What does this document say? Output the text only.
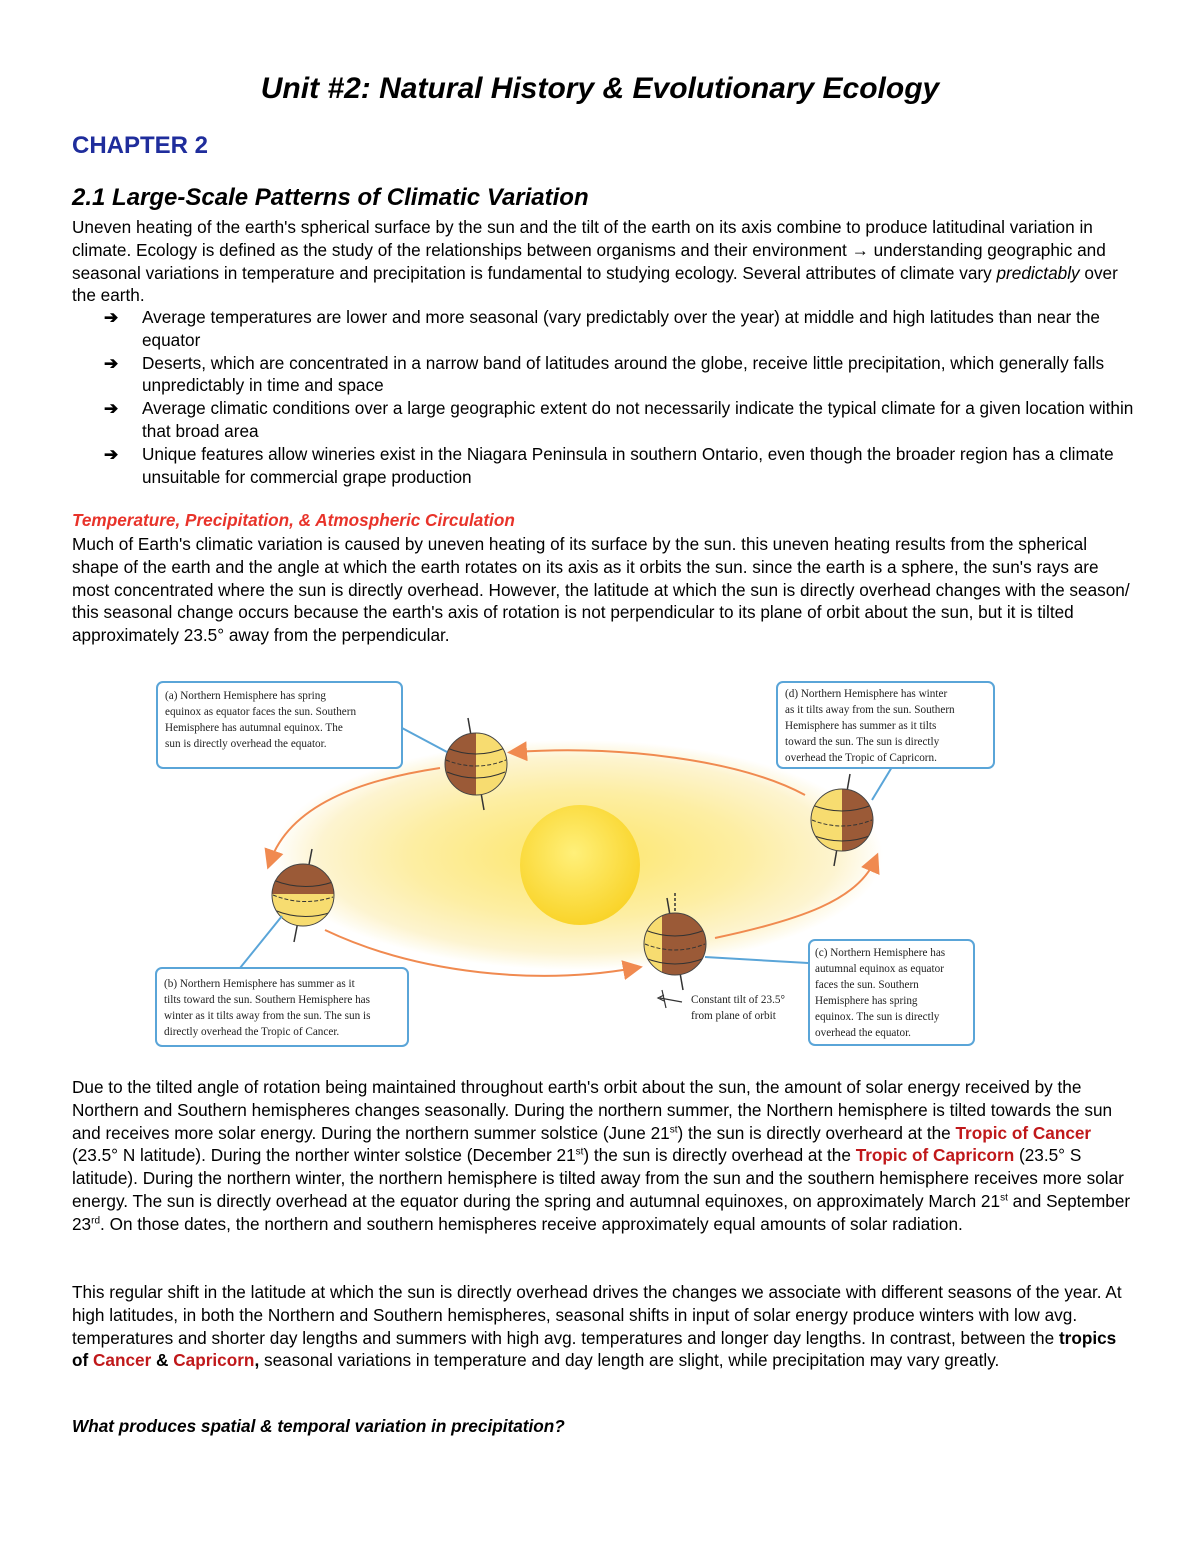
Unit #2: Natural History & Evolutionary Ecology
CHAPTER 2
2.1 Large-Scale Patterns of Climatic Variation

Uneven heating of the earth's spherical surface by the sun and the tilt of the earth on its axis combine to produce latitudinal variation in climate. Ecology is defined as the study of the relationships between organisms and their environment → understanding geographic and seasonal variations in temperature and precipitation is fundamental to studying ecology. Several attributes of climate vary predictably over the earth.

➔ Average temperatures are lower and more seasonal (vary predictably over the year) at middle and high latitudes than near the equator
➔ Deserts, which are concentrated in a narrow band of latitudes around the globe, receive little precipitation, which generally falls unpredictably in time and space
➔ Average climatic conditions over a large geographic extent do not necessarily indicate the typical climate for a given location within that broad area
➔ Unique features allow wineries exist in the Niagara Peninsula in southern Ontario, even though the broader region has a climate unsuitable for commercial grape production
Temperature, Precipitation, & Atmospheric Circulation

Much of Earth's climatic variation is caused by uneven heating of its surface by the sun. this uneven heating results from the spherical shape of the earth and the angle at which the earth rotates on its axis as it orbits the sun. since the earth is a sphere, the sun's rays are most concentrated where the sun is directly overhead. However, the latitude at which the sun is directly overhead changes with the season/ this seasonal change occurs because the earth's axis of rotation is not perpendicular to its plane of orbit about the sun, but it is tilted approximately 23.5° away from the perpendicular.

(a) Northern Hemisphere has spring
equinox as equator faces the sun. Southern
Hemisphere has autumnal equinox. The
sun is directly overhead the equator.
(d) Northern Hemisphere has winter
as it tilts away from the sun. Southern
Hemisphere has summer as it tilts
toward the sun. The sun is directly
overhead the Tropic of Capricorn.
(b) Northern Hemisphere has summer as it
tilts toward the sun. Southern Hemisphere has
winter as it tilts away from the sun. The sun is
directly overhead the Tropic of Cancer.
(c) Northern Hemisphere has
autumnal equinox as equator
faces the sun. Southern
Hemisphere has spring
equinox. The sun is directly
overhead the equator.
Constant tilt of 23.5°
from plane of orbit

Due to the tilted angle of rotation being maintained throughout earth's orbit about the sun, the amount of solar energy received by the Northern and Southern hemispheres changes seasonally. During the northern summer, the Northern hemisphere is tilted towards the sun and receives more solar energy. During the northern summer solstice (June 21st) the sun is directly overheard at the Tropic of Cancer (23.5° N latitude). During the norther winter solstice (December 21st) the sun is directly overhead at the Tropic of Capricorn (23.5° S latitude). During the northern winter, the northern hemisphere is tilted away from the sun and the southern hemisphere receives more solar energy. The sun is directly overhead at the equator during the spring and autumnal equinoxes, on approximately March 21st and September 23rd. On those dates, the northern and southern hemispheres receive approximately equal amounts of solar radiation.

This regular shift in the latitude at which the sun is directly overhead drives the changes we associate with different seasons of the year. At high latitudes, in both the Northern and Southern hemispheres, seasonal shifts in input of solar energy produce winters with low avg. temperatures and shorter day lengths and summers with high avg. temperatures and longer day lengths. In contrast, between the tropics of Cancer & Capricorn, seasonal variations in temperature and day length are slight, while precipitation may vary greatly.

What produces spatial & temporal variation in precipitation?
